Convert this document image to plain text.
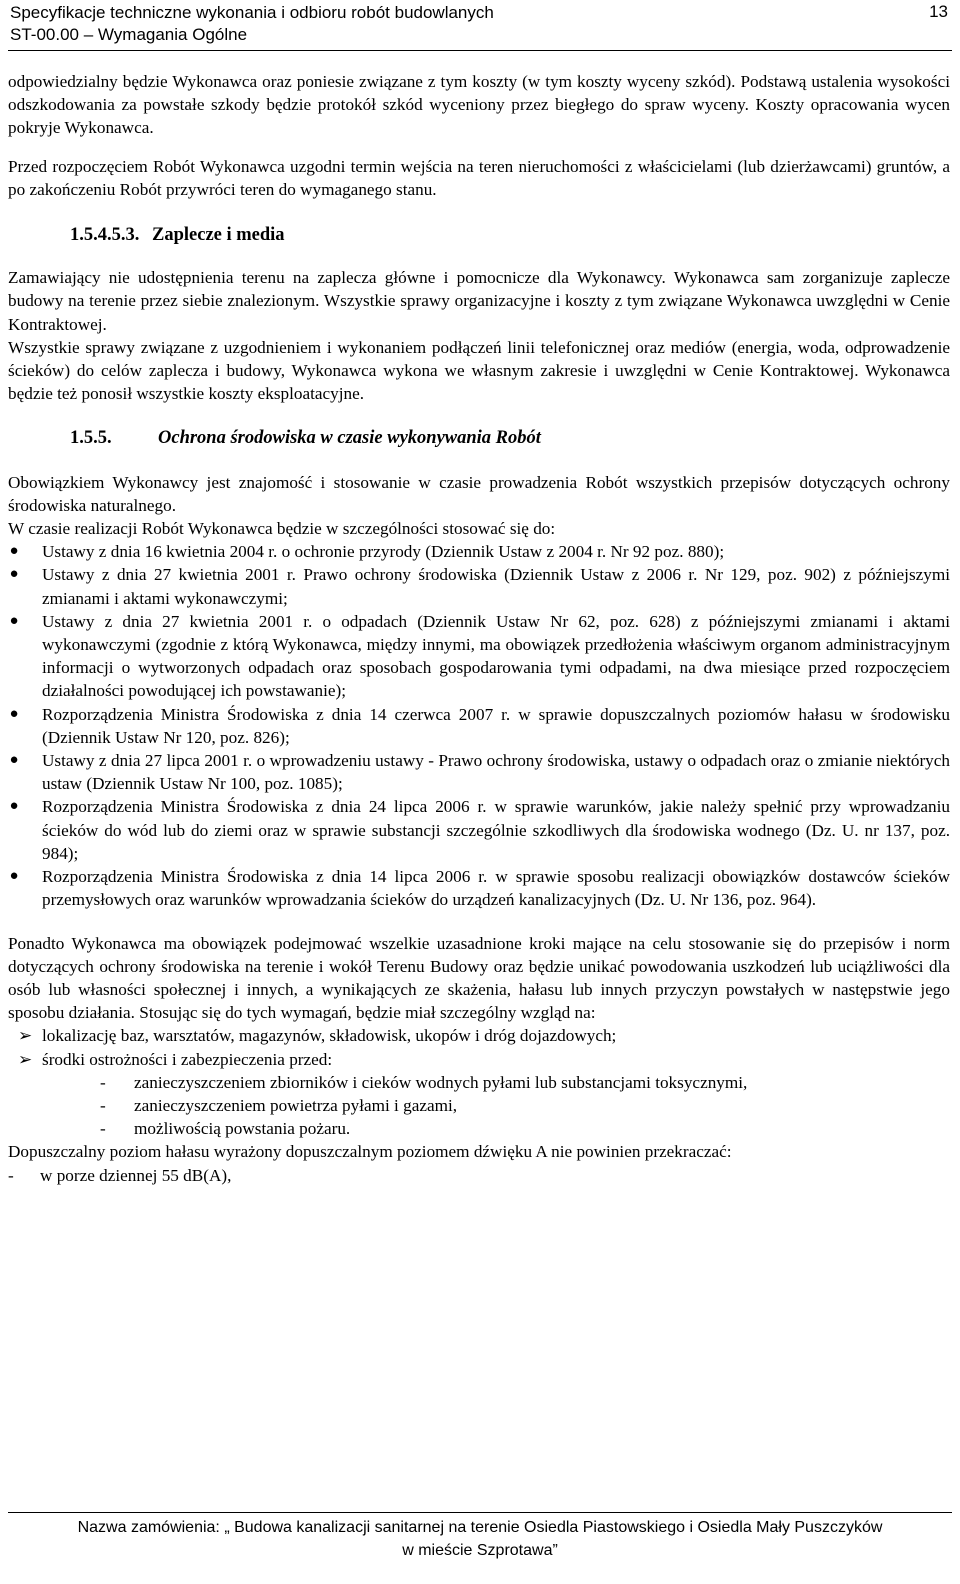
Specyfikacje techniczne wykonania i odbioru robót budowlanych	13
ST-00.00 – Wymagania Ogólne

odpowiedzialny będzie Wykonawca oraz poniesie związane z tym koszty (w tym koszty wyceny szkód). Podstawą ustalenia wysokości odszkodowania za powstałe szkody będzie protokół szkód wyceniony przez biegłego do spraw wyceny. Koszty opracowania wycen pokryje Wykonawca.

Przed rozpoczęciem Robót Wykonawca uzgodni termin wejścia na teren nieruchomości z właścicielami (lub dzierżawcami) gruntów, a po zakończeniu Robót przywróci teren do wymaganego stanu.

1.5.4.5.3. Zaplecze i media

Zamawiający nie udostępnienia terenu na zaplecza główne i pomocnicze dla Wykonawcy. Wykonawca sam zorganizuje zaplecze budowy na terenie przez siebie znalezionym. Wszystkie sprawy organizacyjne i koszty z tym związane Wykonawca uwzględni w Cenie Kontraktowej.

Wszystkie sprawy związane z uzgodnieniem i wykonaniem podłączeń linii telefonicznej oraz mediów (energia, woda, odprowadzenie ścieków) do celów zaplecza i budowy, Wykonawca wykona we własnym zakresie i uwzględni w Cenie Kontraktowej. Wykonawca będzie też ponosił wszystkie koszty eksploatacyjne.

1.5.5.	Ochrona środowiska w czasie wykonywania Robót

Obowiązkiem Wykonawcy jest znajomość i stosowanie w czasie prowadzenia Robót wszystkich przepisów dotyczących ochrony środowiska naturalnego.

W czasie realizacji Robót Wykonawca będzie w szczególności stosować się do:

● Ustawy z dnia 16 kwietnia 2004 r. o ochronie przyrody (Dziennik Ustaw z 2004 r. Nr 92 poz. 880);
● Ustawy z dnia 27 kwietnia 2001 r. Prawo ochrony środowiska (Dziennik Ustaw z 2006 r. Nr 129, poz. 902) z późniejszymi zmianami i aktami wykonawczymi;
● Ustawy z dnia 27 kwietnia 2001 r. o odpadach (Dziennik Ustaw Nr 62, poz. 628) z późniejszymi zmianami i aktami wykonawczymi (zgodnie z którą Wykonawca, między innymi, ma obowiązek przedłożenia właściwym organom administracyjnym informacji o wytworzonych odpadach oraz sposobach gospodarowania tymi odpadami, na dwa miesiące przed rozpoczęciem działalności powodującej ich powstawanie);
● Rozporządzenia Ministra Środowiska z dnia 14 czerwca 2007 r. w sprawie dopuszczalnych poziomów hałasu w środowisku (Dziennik Ustaw Nr 120, poz. 826);
● Ustawy z dnia 27 lipca 2001 r. o wprowadzeniu ustawy - Prawo ochrony środowiska, ustawy o odpadach oraz o zmianie niektórych ustaw (Dziennik Ustaw Nr 100, poz. 1085);
● Rozporządzenia Ministra Środowiska z dnia 24 lipca 2006 r. w sprawie warunków, jakie należy spełnić przy wprowadzaniu ścieków do wód lub do ziemi oraz w sprawie substancji szczególnie szkodliwych dla środowiska wodnego (Dz. U. nr 137, poz. 984);
● Rozporządzenia Ministra Środowiska z dnia 14 lipca 2006 r. w sprawie sposobu realizacji obowiązków dostawców ścieków przemysłowych oraz warunków wprowadzania ścieków do urządzeń kanalizacyjnych (Dz. U. Nr 136, poz. 964).

Ponadto Wykonawca ma obowiązek podejmować wszelkie uzasadnione kroki mające na celu stosowanie się do przepisów i norm dotyczących ochrony środowiska na terenie i wokół Terenu Budowy oraz będzie unikać powodowania uszkodzeń lub uciążliwości dla osób lub własności społecznej i innych, a wynikających ze skażenia, hałasu lub innych przyczyn powstałych w następstwie jego sposobu działania. Stosując się do tych wymagań, będzie miał szczególny wzgląd na:

➢ lokalizację baz, warsztatów, magazynów, składowisk, ukopów i dróg dojazdowych;
➢ środki ostrożności i zabezpieczenia przed:
- zanieczyszczeniem zbiorników i cieków wodnych pyłami lub substancjami toksycznymi,
- zanieczyszczeniem powietrza pyłami i gazami,
- możliwością powstania pożaru.

Dopuszczalny poziom hałasu wyrażony dopuszczalnym poziomem dźwięku A nie powinien przekraczać:

- w porze dziennej 55 dB(A),
Nazwa zamówienia: „ Budowa kanalizacji sanitarnej na terenie Osiedla Piastowskiego i Osiedla Mały Puszczyków
w mieście Szprotawa”
